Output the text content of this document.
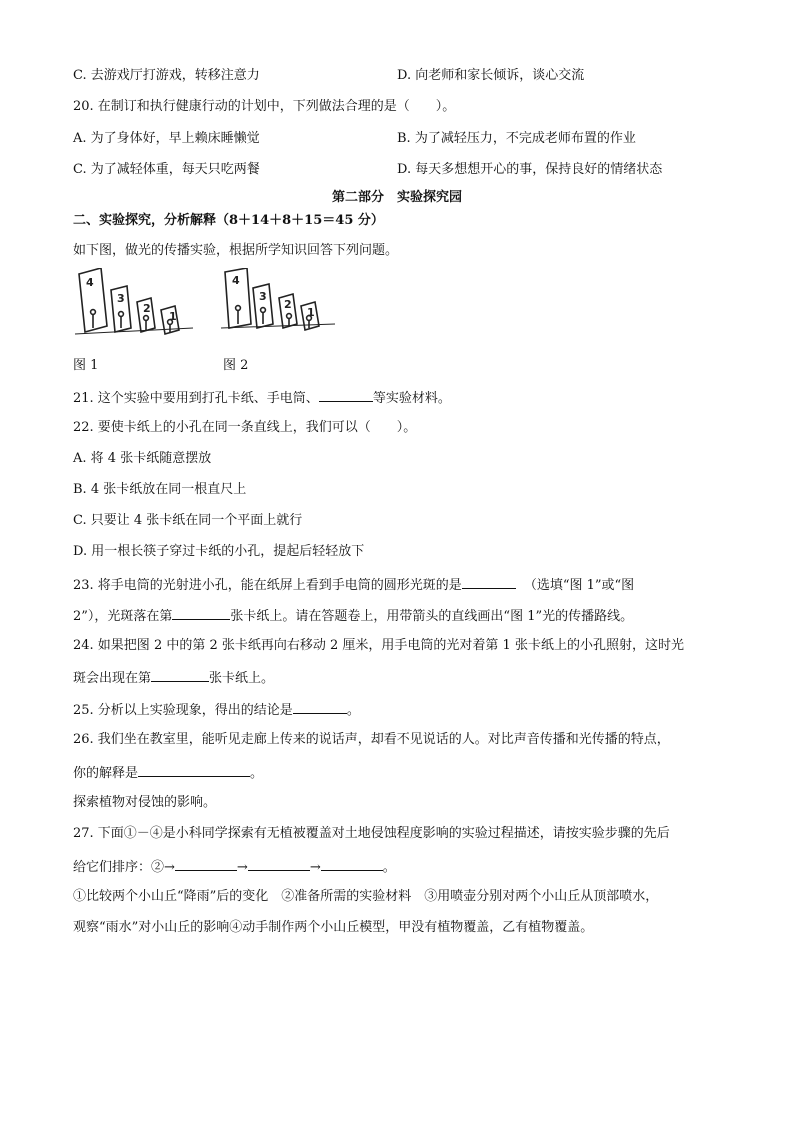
C. 去游戏厅打游戏，转移注意力	D. 向老师和家长倾诉，谈心交流
20. 在制订和执行健康行动的计划中，下列做法合理的是（　　）。
A. 为了身体好，早上赖床睡懒觉	B. 为了减轻压力，不完成老师布置的作业
C. 为了减轻体重，每天只吃两餐	D. 每天多想想开心的事，保持良好的情绪状态
第二部分　实验探究园
二、实验探究，分析解释（8＋14＋8＋15＝45 分）
如下图，做光的传播实验，根据所学知识回答下列问题。
4
3
2
1
4
3
2
1
图 1	图 2
21. 这个实验中要用到打孔卡纸、手电筒、	等实验材料。
22. 要使卡纸上的小孔在同一条直线上，我们可以（　　）。
A. 将 4 张卡纸随意摆放
B. 4 张卡纸放在同一根直尺上
C. 只要让 4 张卡纸在同一个平面上就行
D. 用一根长筷子穿过卡纸的小孔，提起后轻轻放下
23. 将手电筒的光射进小孔，能在纸屏上看到手电筒的圆形光斑的是	（选填“图 1”或“图
2”），光斑落在第	张卡纸上。请在答题卷上，用带箭头的直线画出“图 1”光的传播路线。
24. 如果把图 2 中的第 2 张卡纸再向右移动 2 厘米，用手电筒的光对着第 1 张卡纸上的小孔照射，这时光
斑会出现在第	张卡纸上。
25. 分析以上实验现象，得出的结论是	。
26. 我们坐在教室里，能听见走廊上传来的说话声，却看不见说话的人。对比声音传播和光传播的特点，
你的解释是	。
探索植物对侵蚀的影响。
27. 下面①－④是小科同学探索有无植被覆盖对土地侵蚀程度影响的实验过程描述，请按实验步骤的先后
给它们排序：②→	→	→	。
①比较两个小山丘“降雨”后的变化　②准备所需的实验材料　③用喷壶分别对两个小山丘从顶部喷水，
观察“雨水”对小山丘的影响④动手制作两个小山丘模型，甲没有植物覆盖，乙有植物覆盖。
